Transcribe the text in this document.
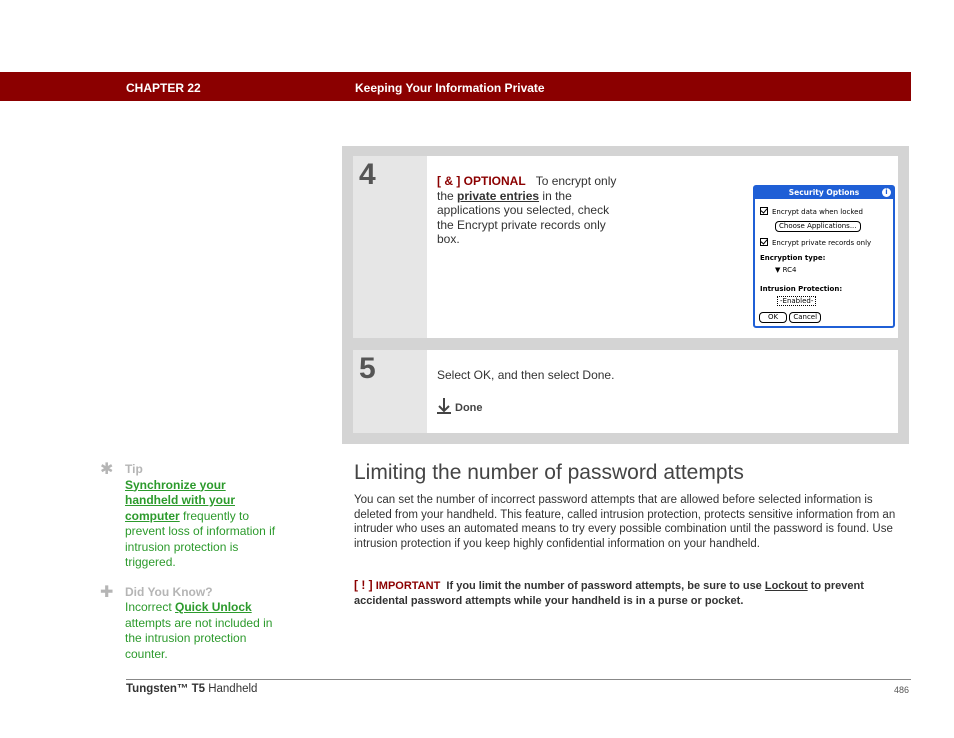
CHAPTER 22	Keeping Your Information Private
4	[ & ] OPTIONAL To encrypt only the private entries in the applications you selected, check the Encrypt private records only box.
Security Options	i
Encrypt data when locked
Choose Applications...
Encrypt private records only
Encryption type:
▼ RC4
Intrusion Protection:
-Enabled-
OK Cancel
5	Select OK, and then select Done.
Done
✱ Tip
Synchronize your handheld with your computer frequently to prevent loss of information if intrusion protection is triggered.
✚ Did You Know?
Incorrect Quick Unlock attempts are not included in the intrusion protection counter.
Limiting the number of password attempts
You can set the number of incorrect password attempts that are allowed before selected information is deleted from your handheld. This feature, called intrusion protection, protects sensitive information from an intruder who uses an automated means to try every possible combination until the password is found. Use intrusion protection if you keep highly confidential information on your handheld.
[ ! ] IMPORTANT If you limit the number of password attempts, be sure to use Lockout to prevent accidental password attempts while your handheld is in a purse or pocket.
Tungsten™ T5 Handheld	486
